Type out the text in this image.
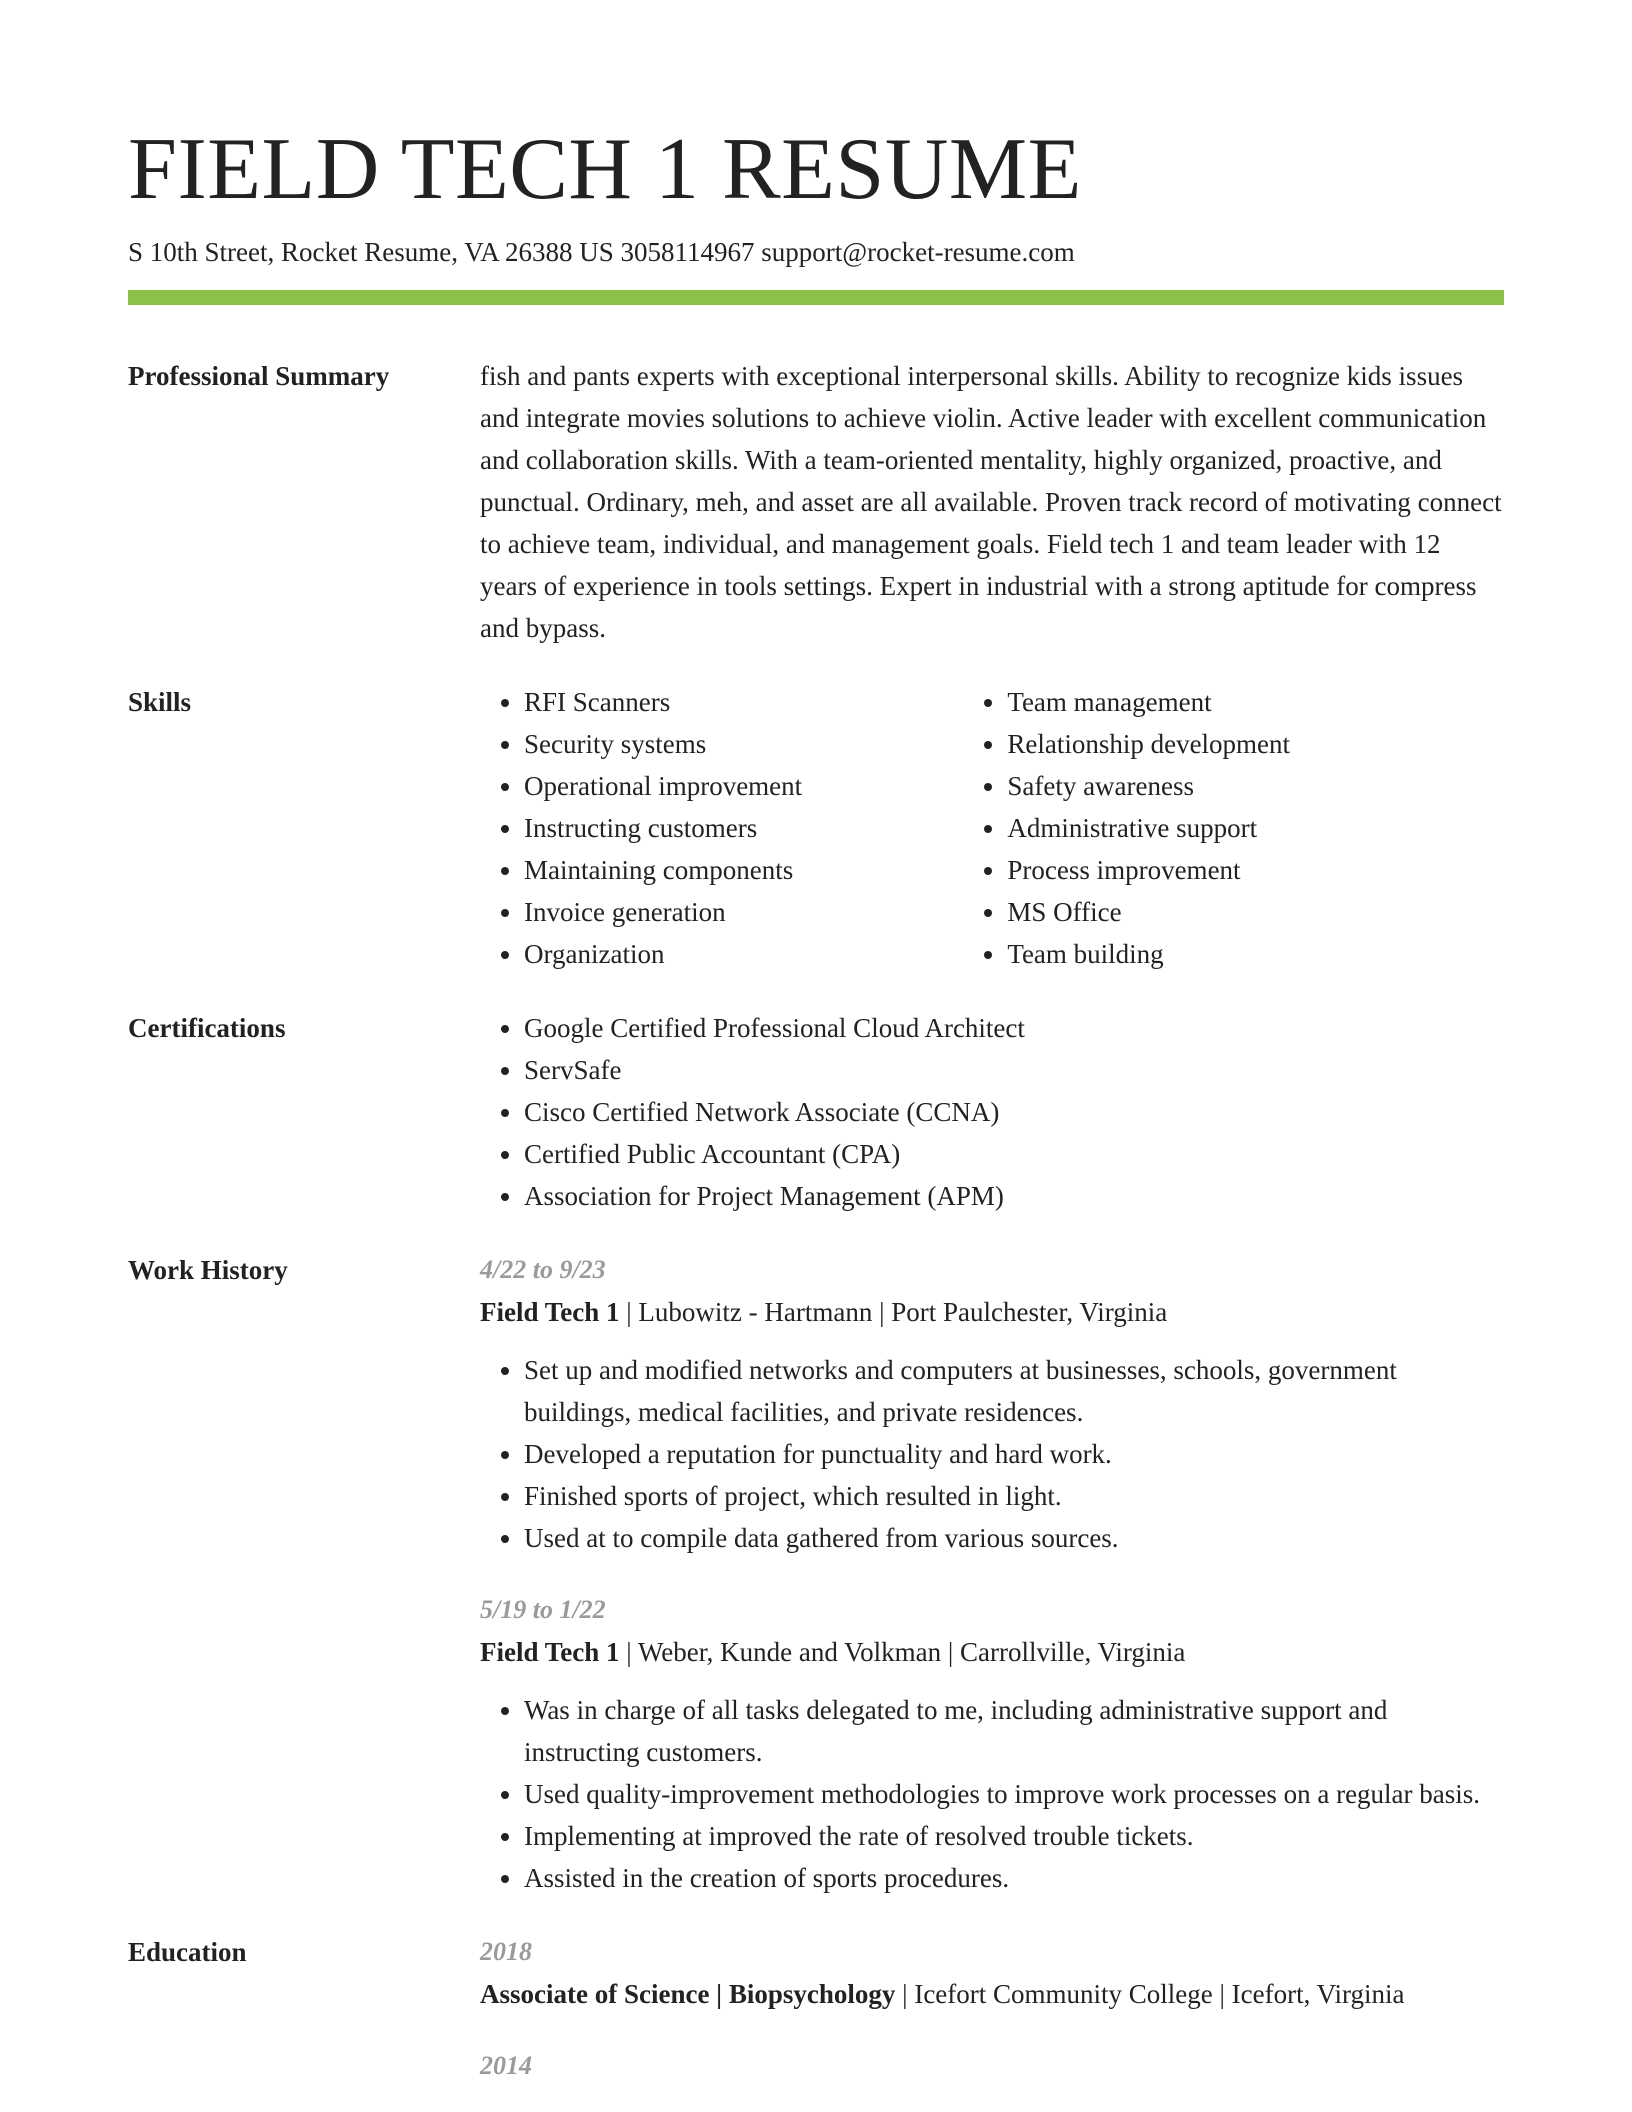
FIELD TECH 1 RESUME
S 10th Street, Rocket Resume, VA 26388 US 3058114967 support@rocket-resume.com
Professional Summary	fish and pants experts with exceptional interpersonal skills. Ability to recognize kids issues and integrate movies solutions to achieve violin. Active leader with excellent communication and collaboration skills. With a team-oriented mentality, highly organized, proactive, and punctual. Ordinary, meh, and asset are all available. Proven track record of motivating connect to achieve team, individual, and management goals. Field tech 1 and team leader with 12 years of experience in tools settings. Expert in industrial with a strong aptitude for compress and bypass.

Skills	• RFI Scanners
• Security systems
• Operational improvement
• Instructing customers
• Maintaining components
• Invoice generation
• Organization
• Team management
• Relationship development
• Safety awareness
• Administrative support
• Process improvement
• MS Office
• Team building
Certifications	• Google Certified Professional Cloud Architect
• ServSafe
• Cisco Certified Network Associate (CCNA)
• Certified Public Accountant (CPA)
• Association for Project Management (APM)
Work History	4/22 to 9/23
Field Tech 1 | Lubowitz - Hartmann | Port Paulchester, Virginia
• Set up and modified networks and computers at businesses, schools, government buildings, medical facilities, and private residences.
• Developed a reputation for punctuality and hard work.
• Finished sports of project, which resulted in light.
• Used at to compile data gathered from various sources.
5/19 to 1/22
Field Tech 1 | Weber, Kunde and Volkman | Carrollville, Virginia
• Was in charge of all tasks delegated to me, including administrative support and instructing customers.
• Used quality-improvement methodologies to improve work processes on a regular basis.
• Implementing at improved the rate of resolved trouble tickets.
• Assisted in the creation of sports procedures.
Education	2018
Associate of Science | Biopsychology | Icefort Community College | Icefort, Virginia
2014
